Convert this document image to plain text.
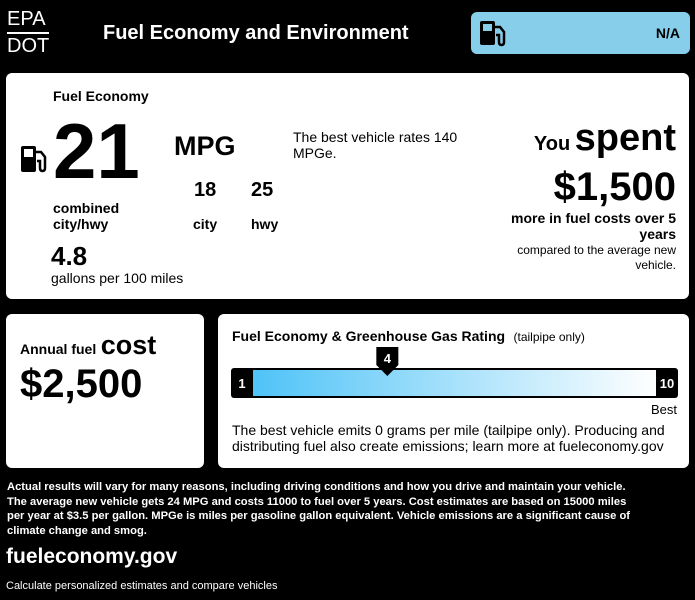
EPA
DOT
Fuel Economy and Environment	N/A
Fuel Economy
21 MPG
combined
city/hwy
18
city
25
hwy
4.8
gallons per 100 miles
The best vehicle rates 140 MPGe.	You spent
$1,500
more in fuel costs over 5
years
compared to the average new
vehicle.
Annual fuel cost
$2,500
Fuel Economy & Greenhouse Gas Rating (tailpipe only)
1	10
4
Best
The best vehicle emits 0 grams per mile (tailpipe only). Producing and
distributing fuel also create emissions; learn more at fueleconomy.gov
Actual results will vary for many reasons, including driving conditions and how you drive and maintain your vehicle.
The average new vehicle gets 24 MPG and costs 11000 to fuel over 5 years. Cost estimates are based on 15000 miles
per year at $3.5 per gallon. MPGe is miles per gasoline gallon equivalent. Vehicle emissions are a significant cause of
climate change and smog.
fueleconomy.gov
Calculate personalized estimates and compare vehicles
